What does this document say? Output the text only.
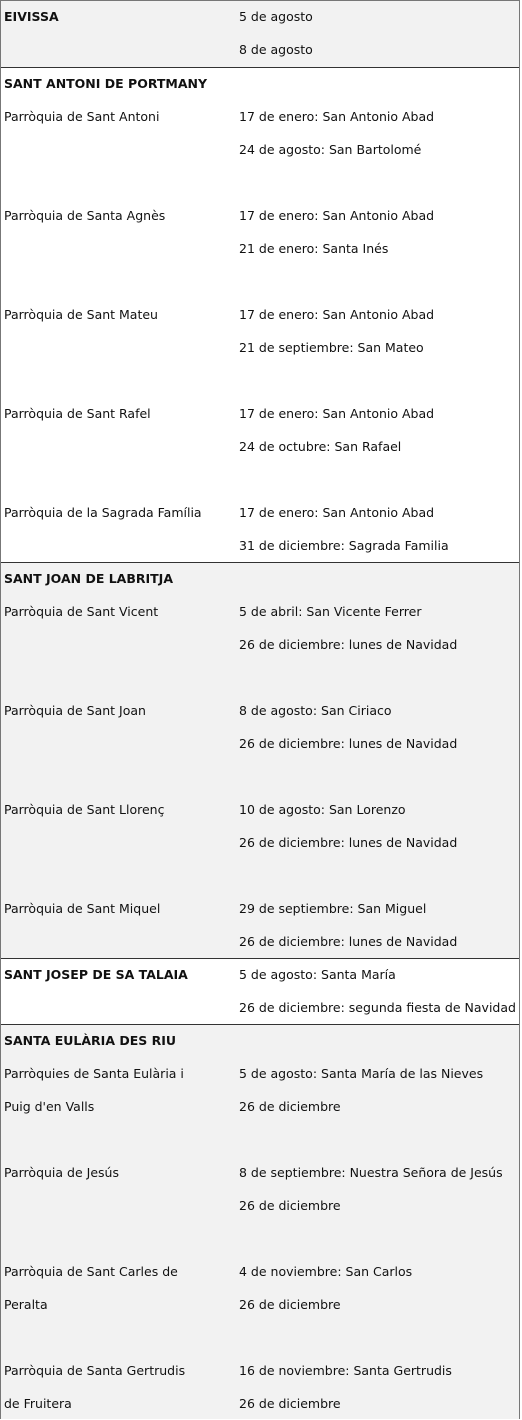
EIVISSA	5 de agosto
8 de agosto
SANT ANTONI DE PORTMANY
Parròquia de Sant Antoni	17 de enero: San Antonio Abad
24 de agosto: San Bartolomé
Parròquia de Santa Agnès	17 de enero: San Antonio Abad
21 de enero: Santa Inés
Parròquia de Sant Mateu	17 de enero: San Antonio Abad
21 de septiembre: San Mateo
Parròquia de Sant Rafel	17 de enero: San Antonio Abad
24 de octubre: San Rafael
Parròquia de la Sagrada Família	17 de enero: San Antonio Abad
31 de diciembre: Sagrada Familia
SANT JOAN DE LABRITJA
Parròquia de Sant Vicent	5 de abril: San Vicente Ferrer
26 de diciembre: lunes de Navidad
Parròquia de Sant Joan	8 de agosto: San Ciriaco
26 de diciembre: lunes de Navidad
Parròquia de Sant Llorenç	10 de agosto: San Lorenzo
26 de diciembre: lunes de Navidad
Parròquia de Sant Miquel	29 de septiembre: San Miguel
26 de diciembre: lunes de Navidad
SANT JOSEP DE SA TALAIA	5 de agosto: Santa María
26 de diciembre: segunda fiesta de Navidad
SANTA EULÀRIA DES RIU
Parròquies de Santa Eulària i	5 de agosto: Santa María de las Nieves
Puig d'en Valls	26 de diciembre
Parròquia de Jesús	8 de septiembre: Nuestra Señora de Jesús
26 de diciembre
Parròquia de Sant Carles de	4 de noviembre: San Carlos
Peralta	26 de diciembre
Parròquia de Santa Gertrudis	16 de noviembre: Santa Gertrudis
de Fruitera	26 de diciembre
